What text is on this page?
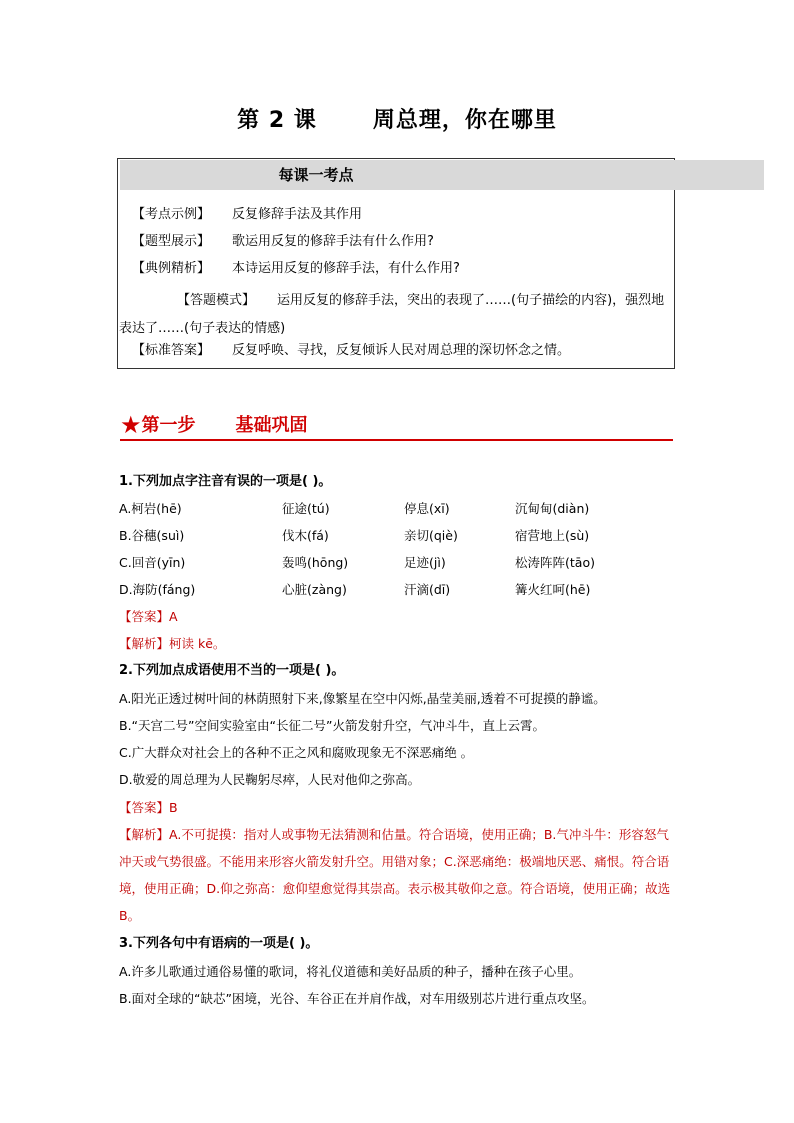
第 2 课	周总理，你在哪里
每课一考点
【考点示例】 反复修辞手法及其作用
【题型展示】 歌运用反复的修辞手法有什么作用?
【典例精析】 本诗运用反复的修辞手法，有什么作用?
【答题模式】 运用反复的修辞手法，突出的表现了……(句子描绘的内容)，强烈地表达了……(句子表达的情感)
【标准答案】 反复呼唤、寻找，反复倾诉人民对周总理的深切怀念之情。
★第一步 基础巩固
1.下列加点字注音有误的一项是( )。
A.柯岩(hē)	征途(tú)	停息(xī)	沉甸甸(diàn)
B.谷穗(suì)	伐木(fá)	亲切(qiè)	宿营地上(sù)
C.回音(yīn)	轰鸣(hōng)	足迹(jì)	松涛阵阵(tāo)
D.海防(fáng)	心脏(zàng)	汗滴(dī)	篝火红呵(hē)
【答案】A
【解析】柯读 kē。
2.下列加点成语使用不当的一项是( )。
A.阳光正透过树叶间的林荫照射下来,像繁星在空中闪烁,晶莹美丽,透着不可捉摸的静谧。
B.“天宫二号”空间实验室由“长征二号”火箭发射升空，气冲斗牛，直上云霄。
C.广大群众对社会上的各种不正之风和腐败现象无不深恶痛绝 。
D.敬爱的周总理为人民鞠躬尽瘁，人民对他仰之弥高。
【答案】B
【解析】A.不可捉摸：指对人或事物无法猜测和估量。符合语境，使用正确；B.气冲斗牛：形容怒气冲天或气势很盛。不能用来形容火箭发射升空。用错对象；C.深恶痛绝：极端地厌恶、痛恨。符合语境，使用正确；D.仰之弥高：愈仰望愈觉得其崇高。表示极其敬仰之意。符合语境，使用正确；故选 B。
3.下列各句中有语病的一项是( )。
A.许多儿歌通过通俗易懂的歌词，将礼仪道德和美好品质的种子，播种在孩子心里。
B.面对全球的“缺芯”困境，光谷、车谷正在并肩作战，对车用级别芯片进行重点攻坚。
